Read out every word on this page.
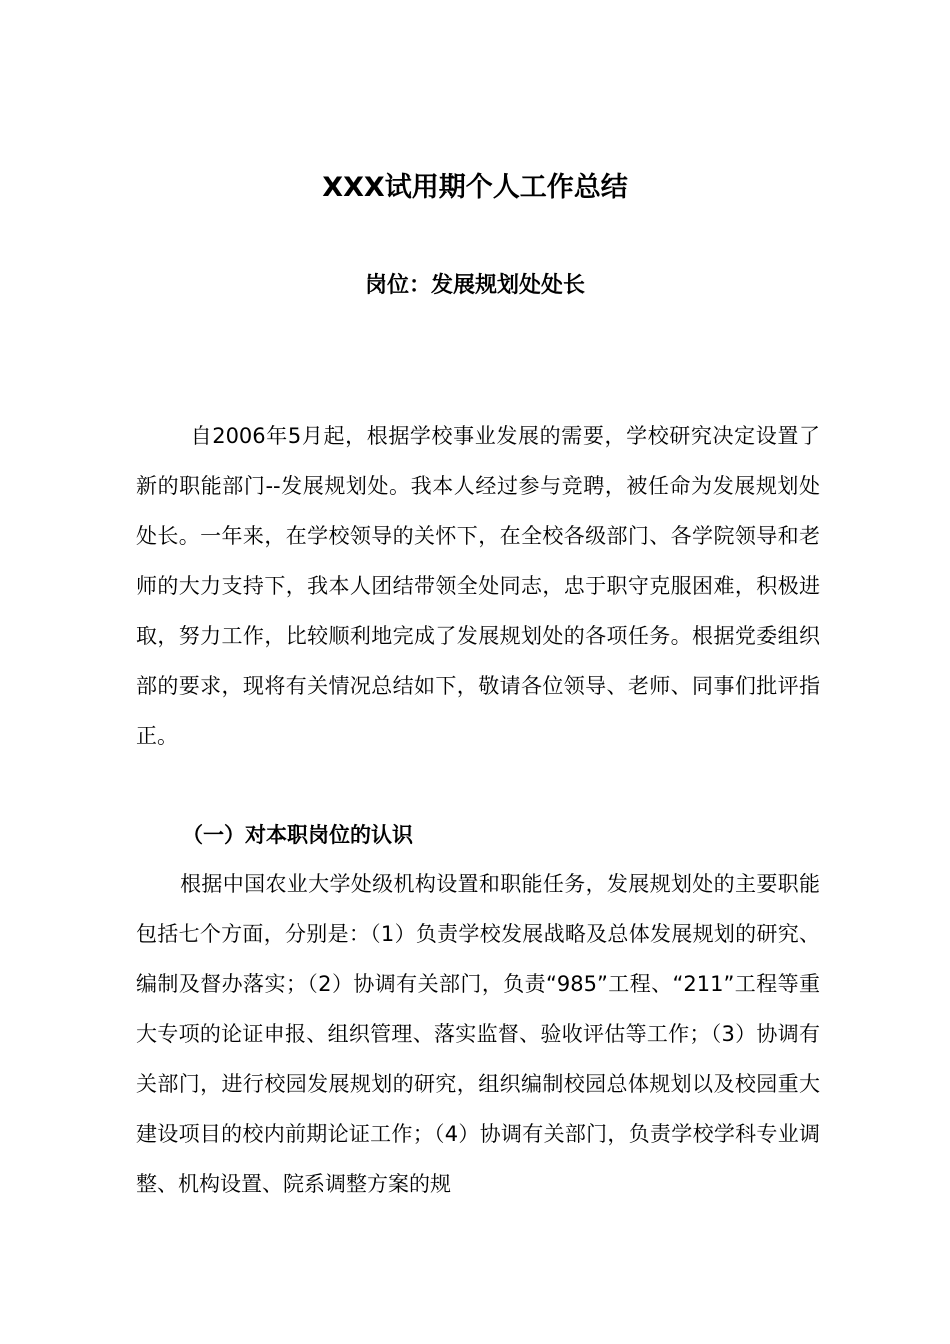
XXX试用期个人工作总结
岗位：发展规划处处长

自2006年5月起，根据学校事业发展的需要，学校研究决定设置了新的职能部门--发展规划处。我本人经过参与竞聘，被任命为发展规划处处长。一年来，在学校领导的关怀下，在全校各级部门、各学院领导和老师的大力支持下，我本人团结带领全处同志，忠于职守克服困难，积极进取，努力工作，比较顺利地完成了发展规划处的各项任务。根据党委组织部的要求，现将有关情况总结如下，敬请各位领导、老师、同事们批评指正。

（一）对本职岗位的认识

根据中国农业大学处级机构设置和职能任务，发展规划处的主要职能包括七个方面，分别是：（1）负责学校发展战略及总体发展规划的研究、编制及督办落实；（2）协调有关部门，负责“985”工程、“211”工程等重大专项的论证申报、组织管理、落实监督、验收评估等工作；（3）协调有关部门，进行校园发展规划的研究，组织编制校园总体规划以及校园重大建设项目的校内前期论证工作；（4）协调有关部门，负责学校学科专业调整、机构设置、院系调整方案的规
